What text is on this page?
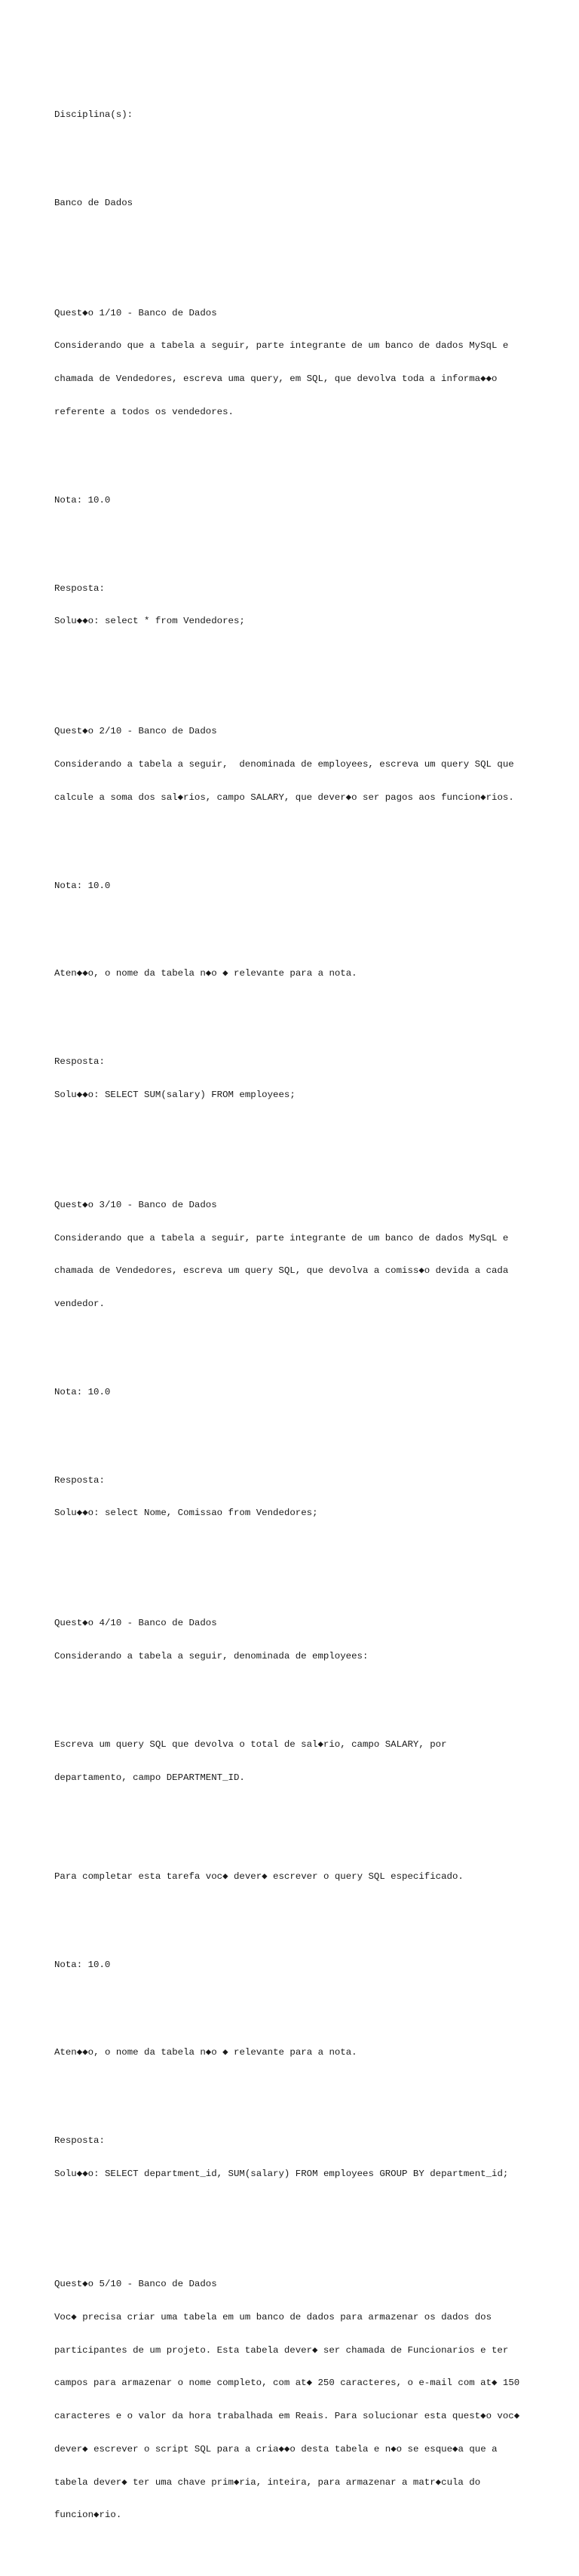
Disciplina(s):

Banco de Dados

Quest◆o 1/10 - Banco de Dados

Considerando que a tabela a seguir, parte integrante de um banco de dados MySqL e

chamada de Vendedores, escreva uma query, em SQL, que devolva toda a informa◆◆o

referente a todos os vendedores.

Nota: 10.0

Resposta:

Solu◆◆o: select * from Vendedores;

Quest◆o 2/10 - Banco de Dados

Considerando a tabela a seguir,  denominada de employees, escreva um query SQL que

calcule a soma dos sal◆rios, campo SALARY, que dever◆o ser pagos aos funcion◆rios.

Nota: 10.0

Aten◆◆o, o nome da tabela n◆o ◆ relevante para a nota.

Resposta:

Solu◆◆o: SELECT SUM(salary) FROM employees;

Quest◆o 3/10 - Banco de Dados

Considerando que a tabela a seguir, parte integrante de um banco de dados MySqL e

chamada de Vendedores, escreva um query SQL, que devolva a comiss◆o devida a cada

vendedor.

Nota: 10.0

Resposta:

Solu◆◆o: select Nome, Comissao from Vendedores;

Quest◆o 4/10 - Banco de Dados

Considerando a tabela a seguir, denominada de employees:

Escreva um query SQL que devolva o total de sal◆rio, campo SALARY, por

departamento, campo DEPARTMENT_ID.

Para completar esta tarefa voc◆ dever◆ escrever o query SQL especificado.

Nota: 10.0

Aten◆◆o, o nome da tabela n◆o ◆ relevante para a nota.

Resposta:

Solu◆◆o: SELECT department_id, SUM(salary) FROM employees GROUP BY department_id;

Quest◆o 5/10 - Banco de Dados

Voc◆ precisa criar uma tabela em um banco de dados para armazenar os dados dos

participantes de um projeto. Esta tabela dever◆ ser chamada de Funcionarios e ter

campos para armazenar o nome completo, com at◆ 250 caracteres, o e-mail com at◆ 150

caracteres e o valor da hora trabalhada em Reais. Para solucionar esta quest◆o voc◆

dever◆ escrever o script SQL para a cria◆◆o desta tabela e n◆o se esque◆a que a

tabela dever◆ ter uma chave prim◆ria, inteira, para armazenar a matr◆cula do

funcion◆rio.
